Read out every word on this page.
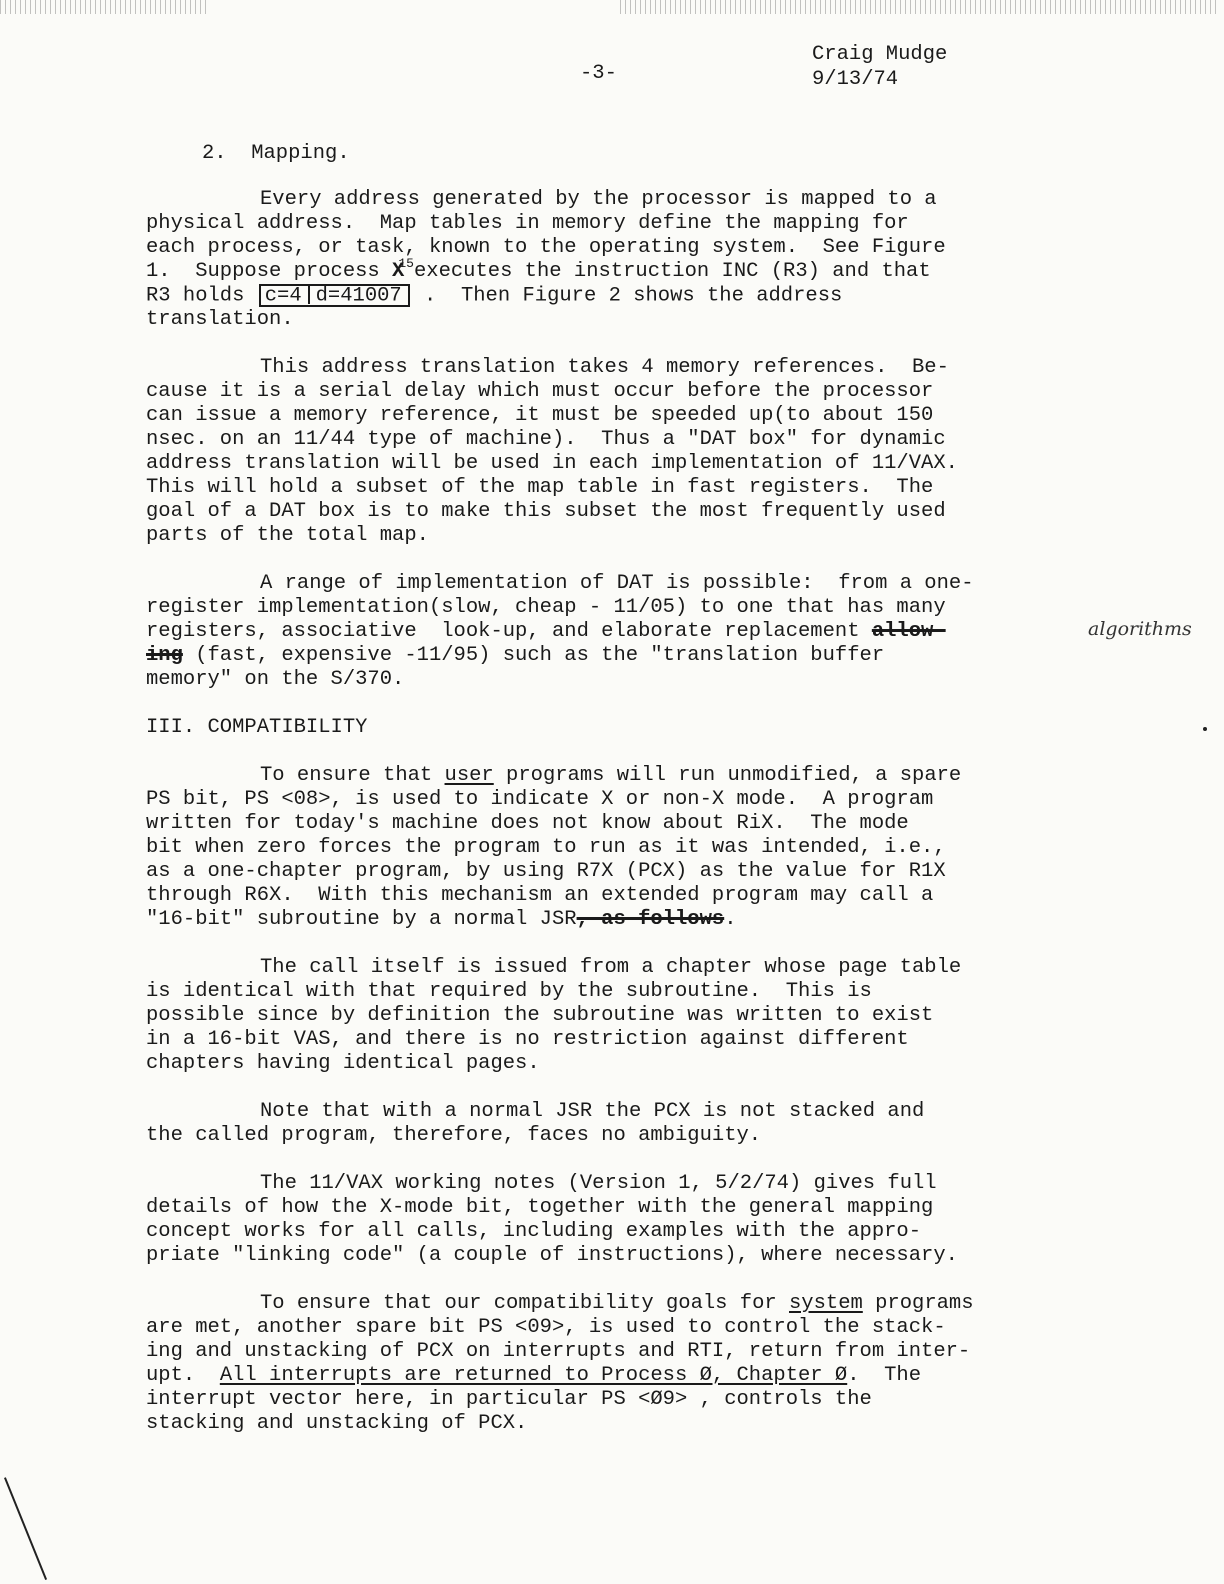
-3-
Craig Mudge
9/13/74
2.  Mapping.
Every address generated by the processor is mapped to a
physical address.  Map tables in memory define the mapping for
each process, or task, known to the operating system.  See Figure
1.  Suppose process $X^{15}executes$ the instruction INC (R3) and that
R3 holds c=4 d=41007 .  Then Figure 2 shows the address
translation.
This address translation takes 4 memory references.  Be-
cause it is a serial delay which must occur before the processor
can issue a memory reference, it must be speeded up(to about 150
nsec. on an 11/44 type of machine).  Thus a "DAT box" for dynamic
address translation will be used in each implementation of 11/VAX.
This will hold a subset of the map table in fast registers.  The
goal of a DAT box is to make this subset the most frequently used
parts of the total map.
A range of implementation of DAT is possible:  from a one-
register implementation(slow, cheap - 11/05) to one that has many
registers, associative  look-up, and elaborate replacement allow-	algorithms
ing (fast, expensive -11/95) such as the "translation buffer
memory" on the S/370.
III. COMPATIBILITY
To ensure that user programs will run unmodified, a spare
PS bit, PS <08>, is used to indicate X or non-X mode.  A program
written for today's machine does not know about RiX.  The mode
bit when zero forces the program to run as it was intended, i.e.,
as a one-chapter program, by using R7X (PCX) as the value for R1X
through R6X.  With this mechanism an extended program may call a
"16-bit" subroutine by a normal JSR, as follows.
The call itself is issued from a chapter whose page table
is identical with that required by the subroutine.  This is
possible since by definition the subroutine was written to exist
in a 16-bit VAS, and there is no restriction against different
chapters having identical pages.
Note that with a normal JSR the PCX is not stacked and
the called program, therefore, faces no ambiguity.
The 11/VAX working notes (Version 1, 5/2/74) gives full
details of how the X-mode bit, together with the general mapping
concept works for all calls, including examples with the appro-
priate "linking code" (a couple of instructions), where necessary.
To ensure that our compatibility goals for system programs
are met, another spare bit PS <09>, is used to control the stack-
ing and unstacking of PCX on interrupts and RTI, return from inter-
upt.  All interrupts are returned to Process Ø, Chapter Ø.  The
interrupt vector here, in particular PS <Ø9> , controls the
stacking and unstacking of PCX.
